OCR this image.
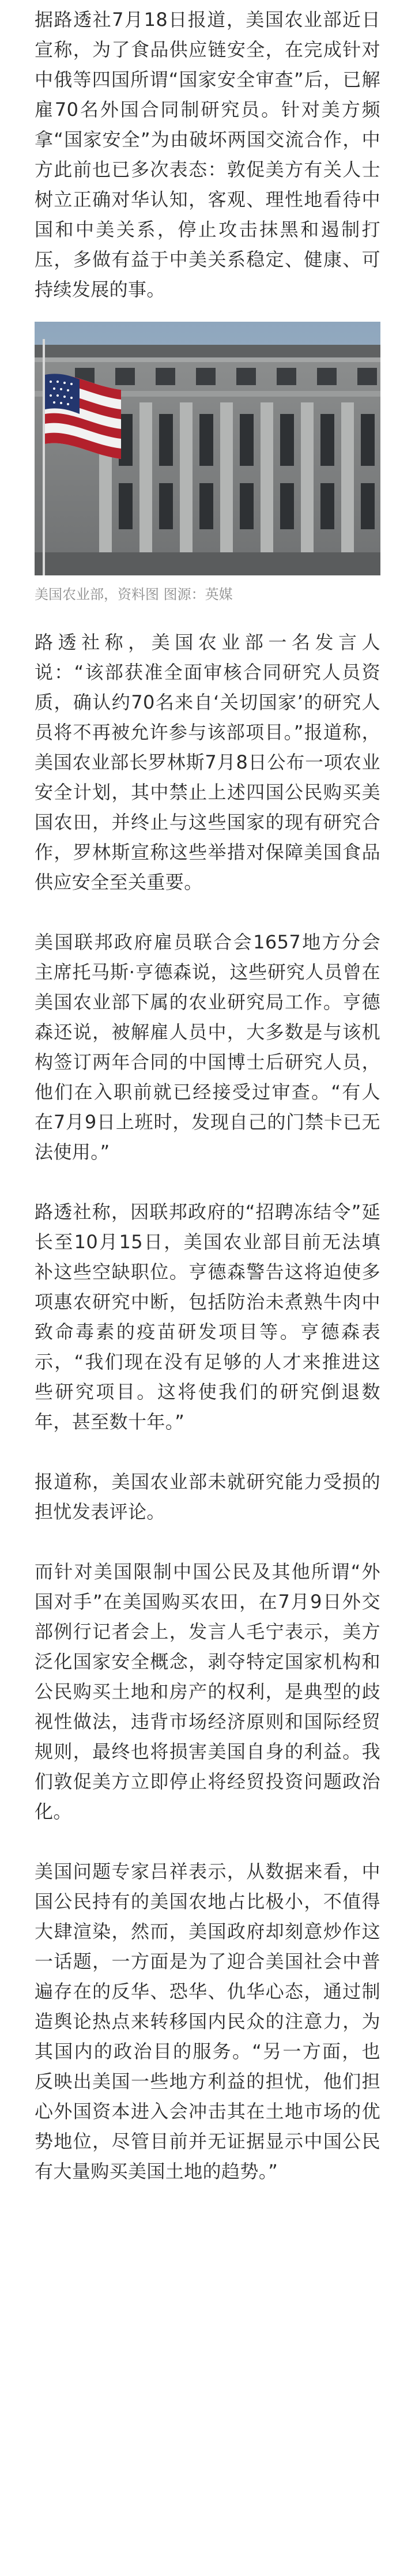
据路透社7月18日报道，美国农业部近日宣称，为了食品供应链安全，在完成针对中俄等四国所谓“国家安全审查”后，已解雇70名外国合同制研究员。针对美方频拿“国家安全”为由破坏两国交流合作，中方此前也已多次表态：敦促美方有关人士树立正确对华认知，客观、理性地看待中国和中美关系，停止攻击抹黑和遏制打压，多做有益于中美关系稳定、健康、可持续发展的事。

美国农业部，资料图 图源：英媒

路透社称，美国农业部一名发言人说：“该部获准全面审核合同研究人员资质，确认约70名来自‘关切国家’的研究人员将不再被允许参与该部项目。”报道称，美国农业部长罗林斯7月8日公布一项农业安全计划，其中禁止上述四国公民购买美国农田，并终止与这些国家的现有研究合作，罗林斯宣称这些举措对保障美国食品供应安全至关重要。

美国联邦政府雇员联合会1657地方分会主席托马斯·亨德森说，这些研究人员曾在美国农业部下属的农业研究局工作。亨德森还说，被解雇人员中，大多数是与该机构签订两年合同的中国博士后研究人员，他们在入职前就已经接受过审查。“有人在7月9日上班时，发现自己的门禁卡已无法使用。”

路透社称，因联邦政府的“招聘冻结令”延长至10月15日，美国农业部目前无法填补这些空缺职位。亨德森警告这将迫使多项惠农研究中断，包括防治未煮熟牛肉中致命毒素的疫苗研发项目等。亨德森表示，“我们现在没有足够的人才来推进这些研究项目。这将使我们的研究倒退数年，甚至数十年。”

报道称，美国农业部未就研究能力受损的担忧发表评论。

而针对美国限制中国公民及其他所谓“外国对手”在美国购买农田，在7月9日外交部例行记者会上，发言人毛宁表示，美方泛化国家安全概念，剥夺特定国家机构和公民购买土地和房产的权利，是典型的歧视性做法，违背市场经济原则和国际经贸规则，最终也将损害美国自身的利益。我们敦促美方立即停止将经贸投资问题政治化。

美国问题专家吕祥表示，从数据来看，中国公民持有的美国农地占比极小，不值得大肆渲染，然而，美国政府却刻意炒作这一话题，一方面是为了迎合美国社会中普遍存在的反华、恐华、仇华心态，通过制造舆论热点来转移国内民众的注意力，为其国内的政治目的服务。“另一方面，也反映出美国一些地方利益的担忧，他们担心外国资本进入会冲击其在土地市场的优势地位，尽管目前并无证据显示中国公民有大量购买美国土地的趋势。”
